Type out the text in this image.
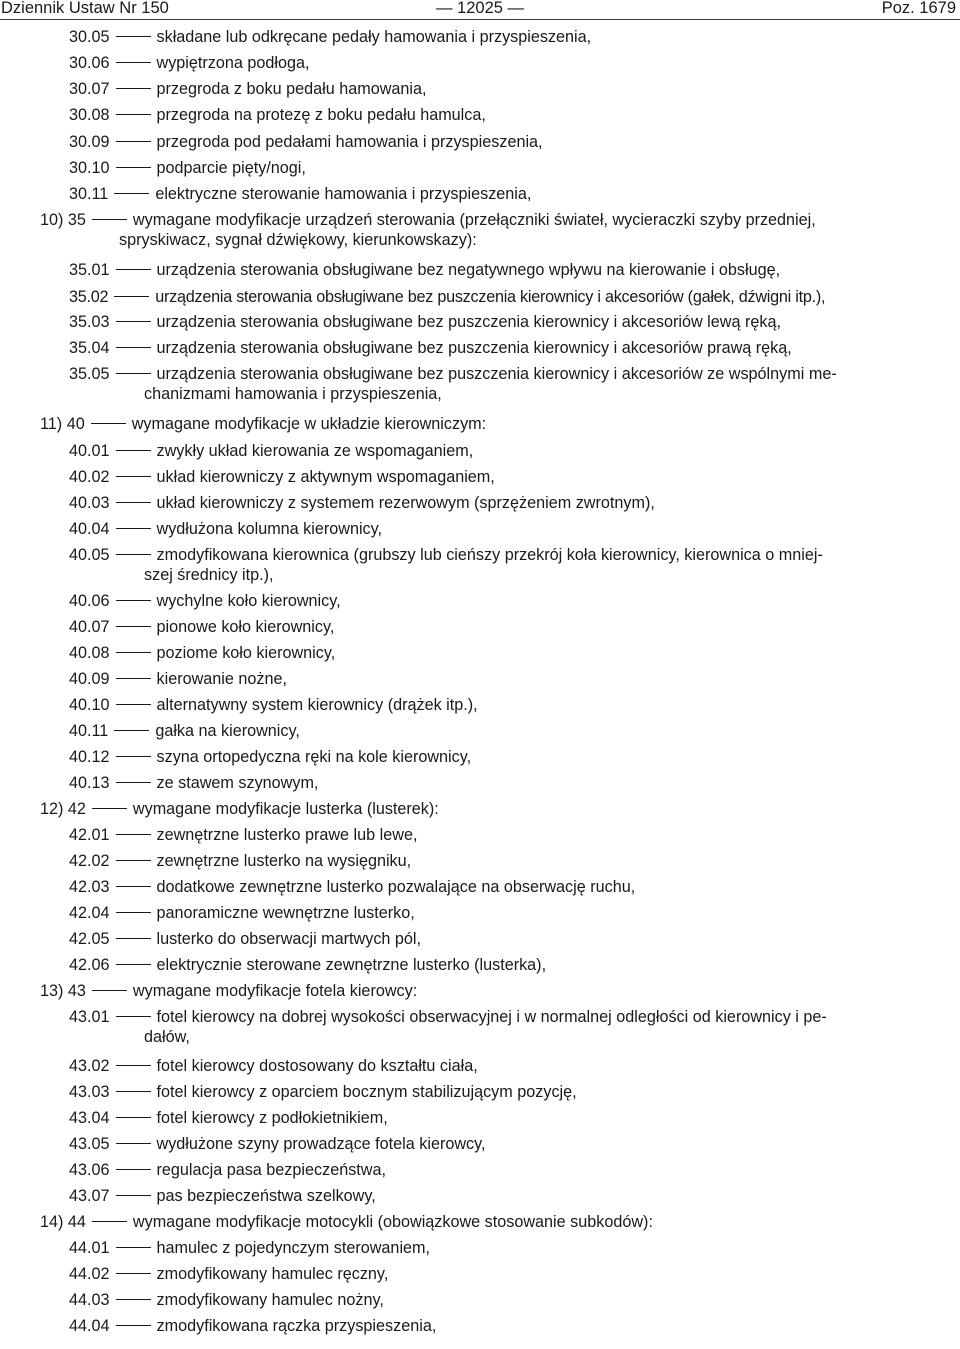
Dziennik Ustaw Nr 150	— 12025 —	Poz. 1679
30.05	składane lub odkręcane pedały hamowania i przyspieszenia,
30.06	wypiętrzona podłoga,
30.07	przegroda z boku pedału hamowania,
30.08	przegroda na protezę z boku pedału hamulca,
30.09	przegroda pod pedałami hamowania i przyspieszenia,
30.10	podparcie pięty/nogi,
30.11	elektryczne sterowanie hamowania i przyspieszenia,
10) 35	wymagane modyfikacje urządzeń sterowania (przełączniki świateł, wycieraczki szyby przedniej,
spryskiwacz, sygnał dźwiękowy, kierunkowskazy):
35.01	urządzenia sterowania obsługiwane bez negatywnego wpływu na kierowanie i obsługę,
35.02	urządzenia sterowania obsługiwane bez puszczenia kierownicy i akcesoriów (gałek, dźwigni itp.),
35.03	urządzenia sterowania obsługiwane bez puszczenia kierownicy i akcesoriów lewą ręką,
35.04	urządzenia sterowania obsługiwane bez puszczenia kierownicy i akcesoriów prawą ręką,
35.05	urządzenia sterowania obsługiwane bez puszczenia kierownicy i akcesoriów ze wspólnymi me-
chanizmami hamowania i przyspieszenia,
11) 40	wymagane modyfikacje w układzie kierowniczym:
40.01	zwykły układ kierowania ze wspomaganiem,
40.02	układ kierowniczy z aktywnym wspomaganiem,
40.03	układ kierowniczy z systemem rezerwowym (sprzężeniem zwrotnym),
40.04	wydłużona kolumna kierownicy,
40.05	zmodyfikowana kierownica (grubszy lub cieńszy przekrój koła kierownicy, kierownica o mniej-
szej średnicy itp.),
40.06	wychylne koło kierownicy,
40.07	pionowe koło kierownicy,
40.08	poziome koło kierownicy,
40.09	kierowanie nożne,
40.10	alternatywny system kierownicy (drążek itp.),
40.11	gałka na kierownicy,
40.12	szyna ortopedyczna ręki na kole kierownicy,
40.13	ze stawem szynowym,
12) 42	wymagane modyfikacje lusterka (lusterek):
42.01	zewnętrzne lusterko prawe lub lewe,
42.02	zewnętrzne lusterko na wysięgniku,
42.03	dodatkowe zewnętrzne lusterko pozwalające na obserwację ruchu,
42.04	panoramiczne wewnętrzne lusterko,
42.05	lusterko do obserwacji martwych pól,
42.06	elektrycznie sterowane zewnętrzne lusterko (lusterka),
13) 43	wymagane modyfikacje fotela kierowcy:
43.01	fotel kierowcy na dobrej wysokości obserwacyjnej i w normalnej odległości od kierownicy i pe-
dałów,
43.02	fotel kierowcy dostosowany do kształtu ciała,
43.03	fotel kierowcy z oparciem bocznym stabilizującym pozycję,
43.04	fotel kierowcy z podłokietnikiem,
43.05	wydłużone szyny prowadzące fotela kierowcy,
43.06	regulacja pasa bezpieczeństwa,
43.07	pas bezpieczeństwa szelkowy,
14) 44	wymagane modyfikacje motocykli (obowiązkowe stosowanie subkodów):
44.01	hamulec z pojedynczym sterowaniem,
44.02	zmodyfikowany hamulec ręczny,
44.03	zmodyfikowany hamulec nożny,
44.04	zmodyfikowana rączka przyspieszenia,
